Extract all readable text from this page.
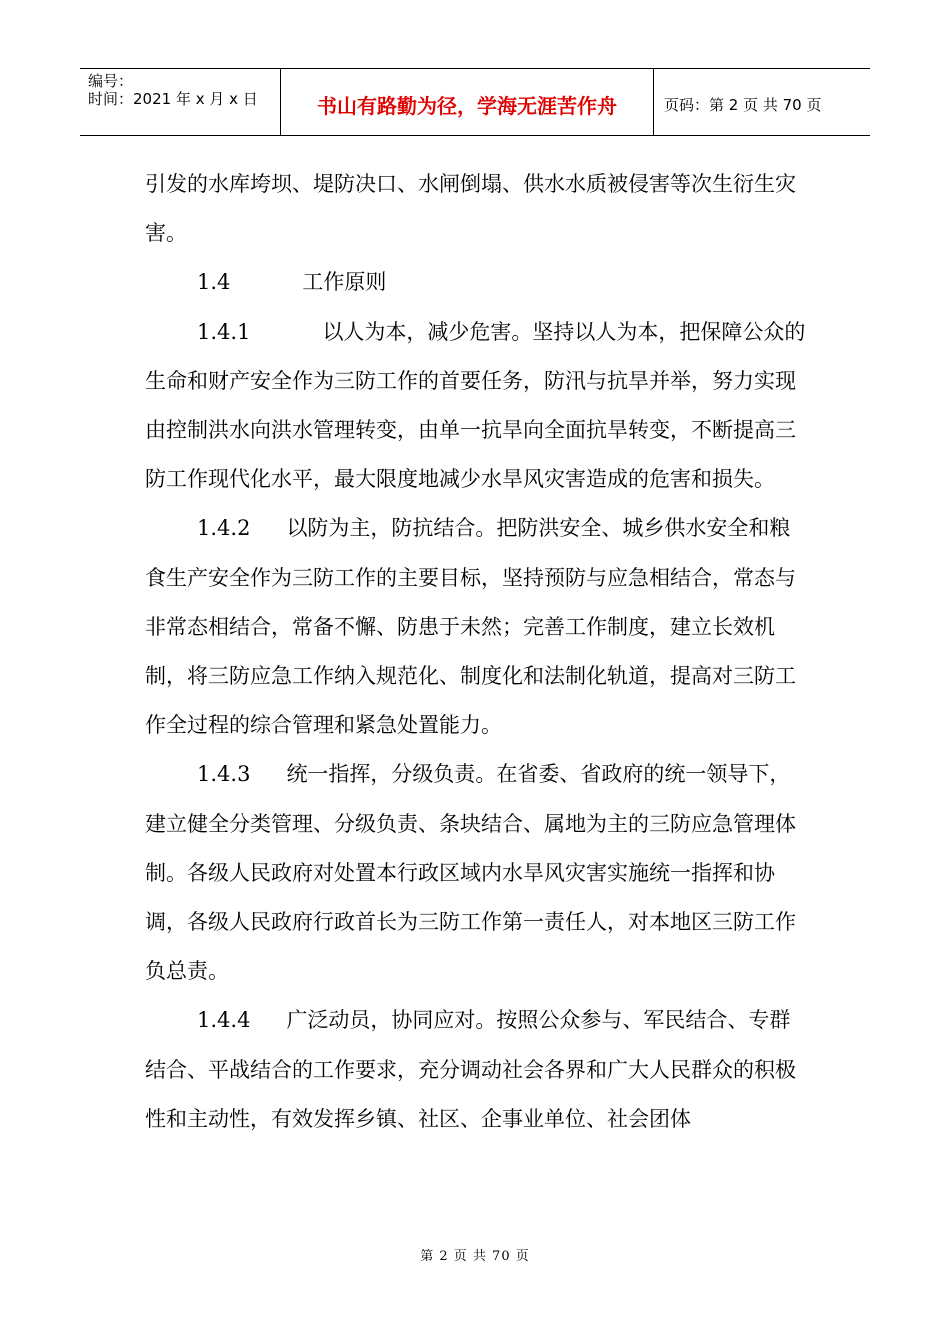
编号：
时间：2021 年 x 月 x 日	书山有路勤为径，学海无涯苦作舟	页码：第 2 页 共 70 页

引发的水库垮坝、堤防决口、水闸倒塌、供水水质被侵害等次生衍生灾害。

1.4	工作原则

1.4.1	以人为本，减少危害。坚持以人为本，把保障公众的生命和财产安全作为三防工作的首要任务，防汛与抗旱并举，努力实现由控制洪水向洪水管理转变，由单一抗旱向全面抗旱转变，不断提高三防工作现代化水平，最大限度地减少水旱风灾害造成的危害和损失。

1.4.2 以防为主，防抗结合。把防洪安全、城乡供水安全和粮食生产安全作为三防工作的主要目标，坚持预防与应急相结合，常态与非常态相结合，常备不懈、防患于未然；完善工作制度，建立长效机制，将三防应急工作纳入规范化、制度化和法制化轨道，提高对三防工作全过程的综合管理和紧急处置能力。

1.4.3 统一指挥，分级负责。在省委、省政府的统一领导下，建立健全分类管理、分级负责、条块结合、属地为主的三防应急管理体制。各级人民政府对处置本行政区域内水旱风灾害实施统一指挥和协调，各级人民政府行政首长为三防工作第一责任人，对本地区三防工作负总责。

1.4.4 广泛动员，协同应对。按照公众参与、军民结合、专群结合、平战结合的工作要求，充分调动社会各界和广大人民群众的积极性和主动性，有效发挥乡镇、社区、企事业单位、社会团体

第 2 页 共 70 页
